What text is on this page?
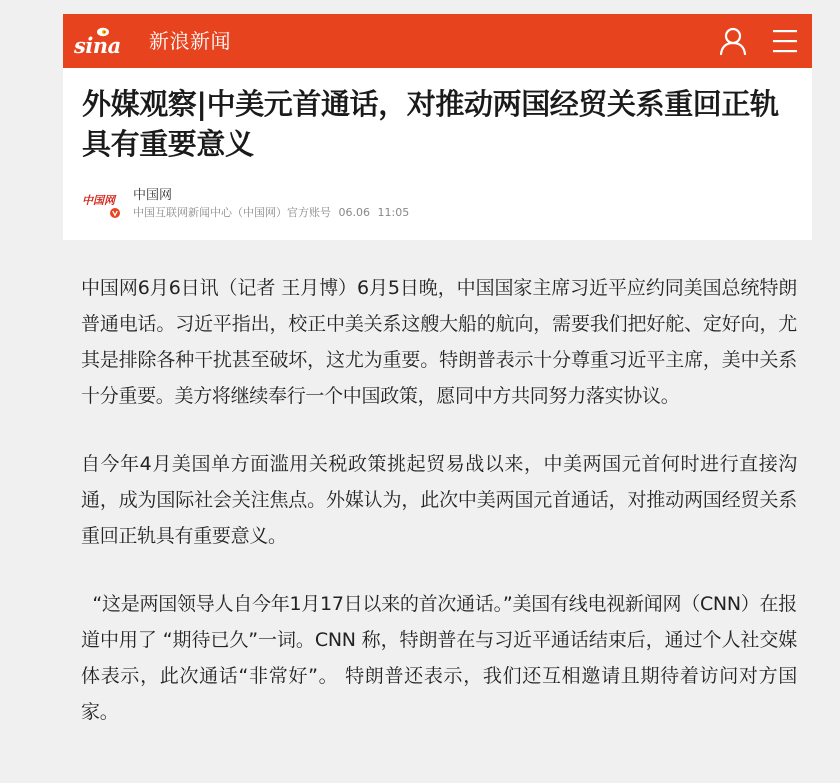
sina 新浪新闻
外媒观察|中美元首通话，对推动两国经贸关系重回正轨具有重要意义
中国网 中国网
中国互联网新闻中心（中国网）官方账号 06.06 11:05

中国网6月6日讯（记者 王月博）6月5日晚，中国国家主席习近平应约同美国总统特朗普通电话。习近平指出，校正中美关系这艘大船的航向，需要我们把好舵、定好向，尤其是排除各种干扰甚至破坏，这尤为重要。特朗普表示十分尊重习近平主席，美中关系十分重要。美方将继续奉行一个中国政策，愿同中方共同努力落实协议。

自今年4月美国单方面滥用关税政策挑起贸易战以来，中美两国元首何时进行直接沟通，成为国际社会关注焦点。外媒认为，此次中美两国元首通话，对推动两国经贸关系重回正轨具有重要意义。

“这是两国领导人自今年1月17日以来的首次通话。”美国有线电视新闻网（CNN）在报道中用了 “期待已久”一词。CNN 称，特朗普在与习近平通话结束后，通过个人社交媒体表示，此次通话“非常好”。 特朗普还表示，我们还互相邀请且期待着访问对方国家。
